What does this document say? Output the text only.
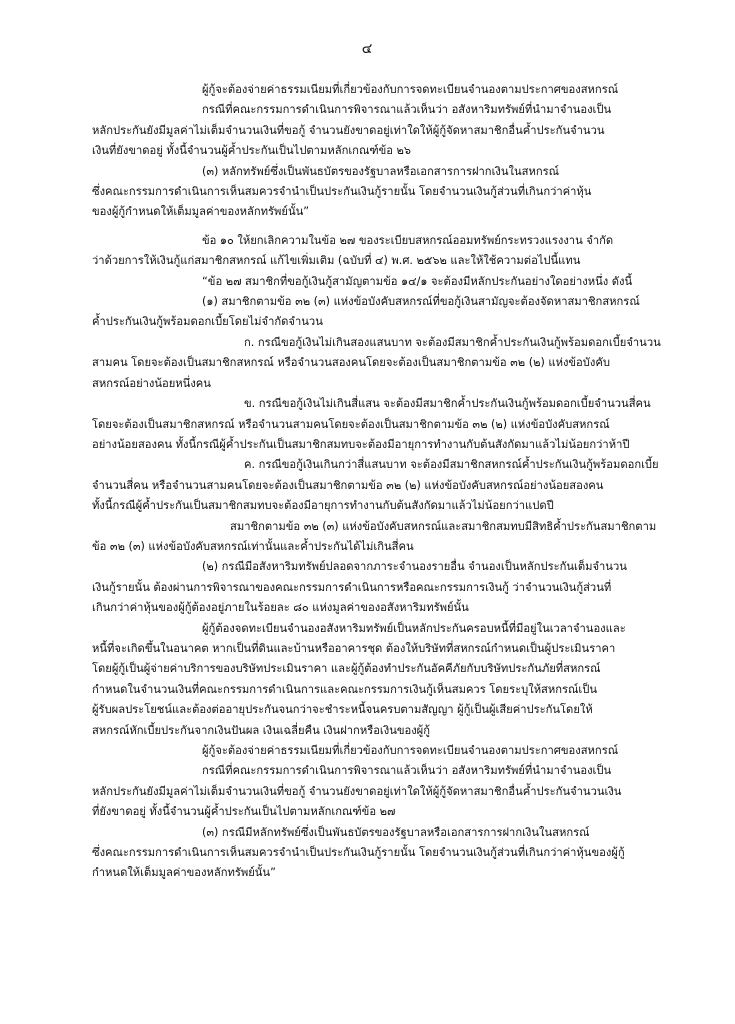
๔

ผู้กู้จะต้องจ่ายค่าธรรมเนียมที่เกี่ยวข้องกับการจดทะเบียนจำนองตามประกาศของสหกรณ์

กรณีที่คณะกรรมการดำเนินการพิจารณาแล้วเห็นว่า อสังหาริมทรัพย์ที่นำมาจำนองเป็น

หลักประกันยังมีมูลค่าไม่เต็มจำนวนเงินที่ขอกู้ จำนวนยังขาดอยู่เท่าใดให้ผู้กู้จัดหาสมาชิกอื่นค้ำประกันจำนวน

เงินที่ยังขาดอยู่ ทั้งนี้จำนวนผู้ค้ำประกันเป็นไปตามหลักเกณฑ์ข้อ ๒๖

(๓) หลักทรัพย์ซึ่งเป็นพันธบัตรของรัฐบาลหรือเอกสารการฝากเงินในสหกรณ์

ซึ่งคณะกรรมการดำเนินการเห็นสมควรจำนำเป็นประกันเงินกู้รายนั้น โดยจำนวนเงินกู้ส่วนที่เกินกว่าค่าหุ้น

ของผู้กู้กำหนดให้เต็มมูลค่าของหลักทรัพย์นั้น”

ข้อ ๑๐ ให้ยกเลิกความในข้อ ๒๗ ของระเบียบสหกรณ์ออมทรัพย์กระทรวงแรงงาน จำกัด

ว่าด้วยการให้เงินกู้แก่สมาชิกสหกรณ์ แก้ไขเพิ่มเติม (ฉบับที่ ๔) พ.ศ. ๒๕๖๒ และให้ใช้ความต่อไปนี้แทน

“ข้อ ๒๗ สมาชิกที่ขอกู้เงินกู้สามัญตามข้อ ๑๔/๑ จะต้องมีหลักประกันอย่างใดอย่างหนึ่ง ดังนี้

(๑) สมาชิกตามข้อ ๓๒ (๓) แห่งข้อบังคับสหกรณ์ที่ขอกู้เงินสามัญจะต้องจัดหาสมาชิกสหกรณ์

ค้ำประกันเงินกู้พร้อมดอกเบี้ยโดยไม่จำกัดจำนวน

ก. กรณีขอกู้เงินไม่เกินสองแสนบาท จะต้องมีสมาชิกค้ำประกันเงินกู้พร้อมดอกเบี้ยจำนวน

สามคน โดยจะต้องเป็นสมาชิกสหกรณ์ หรือจำนวนสองคนโดยจะต้องเป็นสมาชิกตามข้อ ๓๒ (๒) แห่งข้อบังคับ

สหกรณ์อย่างน้อยหนึ่งคน

ข. กรณีขอกู้เงินไม่เกินสี่แสน จะต้องมีสมาชิกค้ำประกันเงินกู้พร้อมดอกเบี้ยจำนวนสี่คน

โดยจะต้องเป็นสมาชิกสหกรณ์ หรือจำนวนสามคนโดยจะต้องเป็นสมาชิกตามข้อ ๓๒ (๒) แห่งข้อบังคับสหกรณ์

อย่างน้อยสองคน ทั้งนี้กรณีผู้ค้ำประกันเป็นสมาชิกสมทบจะต้องมีอายุการทำงานกับต้นสังกัดมาแล้วไม่น้อยกว่าห้าปี

ค. กรณีขอกู้เงินเกินกว่าสี่แสนบาท จะต้องมีสมาชิกสหกรณ์ค้ำประกันเงินกู้พร้อมดอกเบี้ย

จำนวนสี่คน หรือจำนวนสามคนโดยจะต้องเป็นสมาชิกตามข้อ ๓๒ (๒) แห่งข้อบังคับสหกรณ์อย่างน้อยสองคน

ทั้งนี้กรณีผู้ค้ำประกันเป็นสมาชิกสมทบจะต้องมีอายุการทำงานกับต้นสังกัดมาแล้วไม่น้อยกว่าแปดปี

สมาชิกตามข้อ ๓๒ (๓) แห่งข้อบังคับสหกรณ์และสมาชิกสมทบมีสิทธิค้ำประกันสมาชิกตาม

ข้อ ๓๒ (๓) แห่งข้อบังคับสหกรณ์เท่านั้นและค้ำประกันได้ไม่เกินสี่คน

(๒) กรณีมีอสังหาริมทรัพย์ปลอดจากภาระจำนองรายอื่น จำนองเป็นหลักประกันเต็มจำนวน

เงินกู้รายนั้น ต้องผ่านการพิจารณาของคณะกรรมการดำเนินการหรือคณะกรรมการเงินกู้ ว่าจำนวนเงินกู้ส่วนที่

เกินกว่าค่าหุ้นของผู้กู้ต้องอยู่ภายในร้อยละ ๘๐ แห่งมูลค่าของอสังหาริมทรัพย์นั้น

ผู้กู้ต้องจดทะเบียนจำนองอสังหาริมทรัพย์เป็นหลักประกันครอบหนี้ที่มีอยู่ในเวลาจำนองและ

หนี้ที่จะเกิดขึ้นในอนาคต หากเป็นที่ดินและบ้านหรืออาคารชุด ต้องให้บริษัทที่สหกรณ์กำหนดเป็นผู้ประเมินราคา

โดยผู้กู้เป็นผู้จ่ายค่าบริการของบริษัทประเมินราคา และผู้กู้ต้องทำประกันอัคคีภัยกับบริษัทประกันภัยที่สหกรณ์

กำหนดในจำนวนเงินที่คณะกรรมการดำเนินการและคณะกรรมการเงินกู้เห็นสมควร โดยระบุให้สหกรณ์เป็น

ผู้รับผลประโยชน์และต้องต่ออายุประกันจนกว่าจะชำระหนี้จนครบตามสัญญา ผู้กู้เป็นผู้เสียค่าประกันโดยให้

สหกรณ์หักเบี้ยประกันจากเงินปันผล เงินเฉลี่ยคืน เงินฝากหรือเงินของผู้กู้

ผู้กู้จะต้องจ่ายค่าธรรมเนียมที่เกี่ยวข้องกับการจดทะเบียนจำนองตามประกาศของสหกรณ์

กรณีที่คณะกรรมการดำเนินการพิจารณาแล้วเห็นว่า อสังหาริมทรัพย์ที่นำมาจำนองเป็น

หลักประกันยังมีมูลค่าไม่เต็มจำนวนเงินที่ขอกู้ จำนวนยังขาดอยู่เท่าใดให้ผู้กู้จัดหาสมาชิกอื่นค้ำประกันจำนวนเงิน

ที่ยังขาดอยู่ ทั้งนี้จำนวนผู้ค้ำประกันเป็นไปตามหลักเกณฑ์ข้อ ๒๗

(๓) กรณีมีหลักทรัพย์ซึ่งเป็นพันธบัตรของรัฐบาลหรือเอกสารการฝากเงินในสหกรณ์

ซึ่งคณะกรรมการดำเนินการเห็นสมควรจำนำเป็นประกันเงินกู้รายนั้น โดยจำนวนเงินกู้ส่วนที่เกินกว่าค่าหุ้นของผู้กู้

กำหนดให้เต็มมูลค่าของหลักทรัพย์นั้น”
